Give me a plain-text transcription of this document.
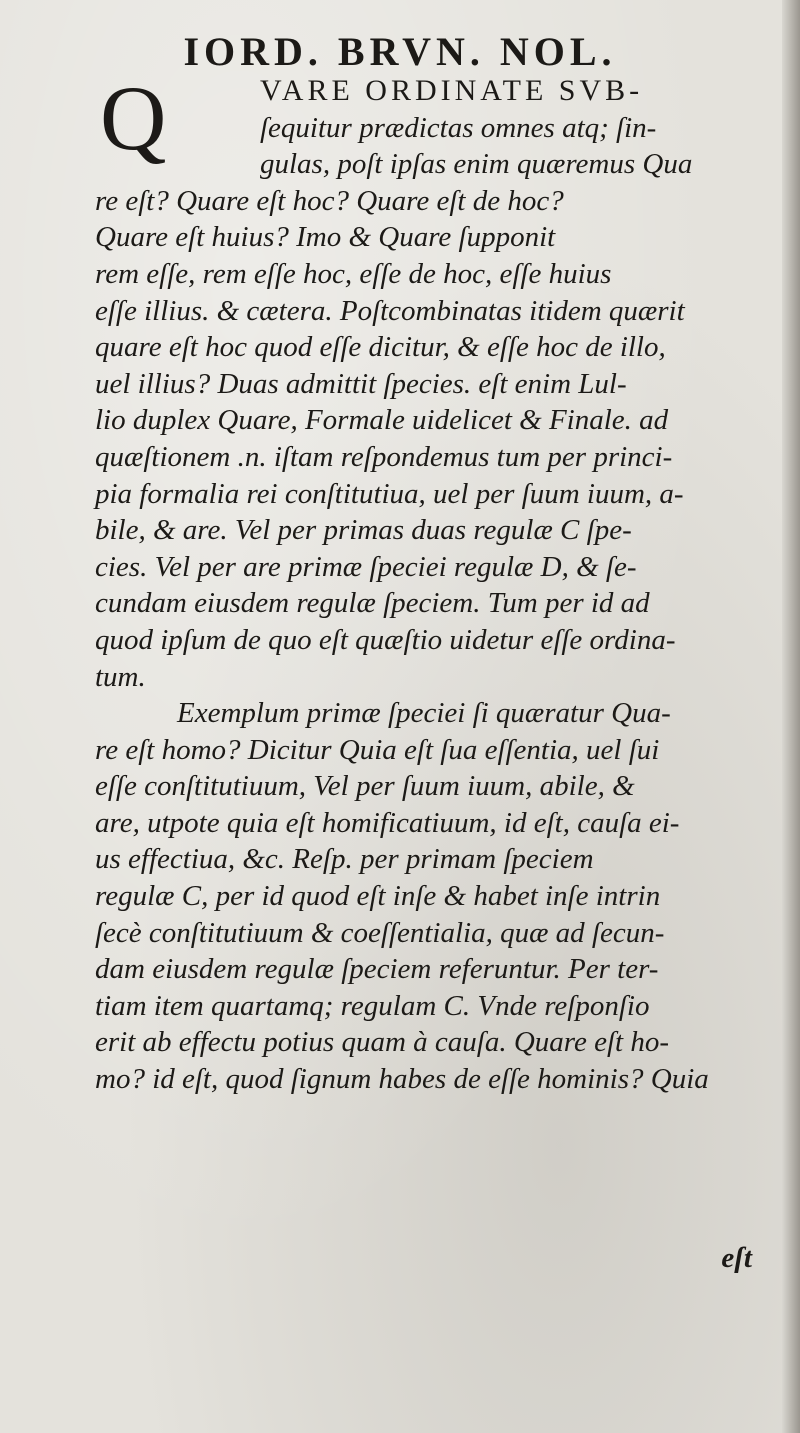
IORD. BRVN. NOL.
Q	VARE ORDINATE SVB-
ſequitur prædictas omnes atq; ſin-
gulas, poſt ipſas enim quæremus Qua
re eſt? Quare eſt hoc? Quare eſt de hoc?
Quare eſt huius? Imo & Quare ſupponit
rem eſſe, rem eſſe hoc, eſſe de hoc, eſſe huius
eſſe illius. & cætera. Poſtcombinatas itidem quærit
quare eſt hoc quod eſſe dicitur, & eſſe hoc de illo,
uel illius? Duas admittit ſpecies. eſt enim Lul-
lio duplex Quare, Formale uidelicet & Finale. ad
quæſtionem .n. iſtam reſpondemus tum per princi-
pia formalia rei conſtitutiua, uel per ſuum iuum, a-
bile, & are. Vel per primas duas regulæ C ſpe-
cies. Vel per are primæ ſpeciei regulæ D, & ſe-
cundam eiusdem regulæ ſpeciem. Tum per id ad
quod ipſum de quo eſt quæſtio uidetur eſſe ordina-
tum.
Exemplum primæ ſpeciei ſi quæratur Qua-
re eſt homo? Dicitur Quia eſt ſua eſſentia, uel ſui
eſſe conſtitutiuum, Vel per ſuum iuum, abile, &
are, utpote quia eſt homificatiuum, id eſt, cauſa ei-
us effectiua, &c. Reſp. per primam ſpeciem
regulæ C, per id quod eſt inſe & habet inſe intrin
ſecè conſtitutiuum & coeſſentialia, quæ ad ſecun-
dam eiusdem regulæ ſpeciem referuntur. Per ter-
tiam item quartamq; regulam C. Vnde reſponſio
erit ab effectu potius quam à cauſa. Quare eſt ho-
mo? id eſt, quod ſignum habes de eſſe hominis? Quia
eſt
